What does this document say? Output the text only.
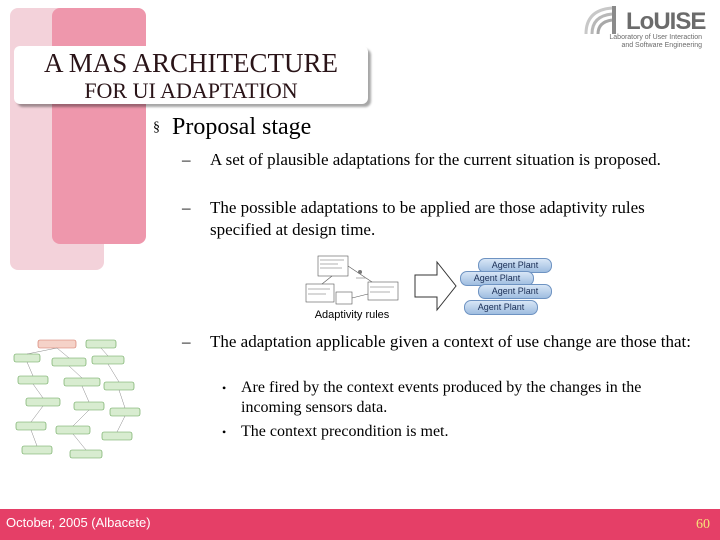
A MAS ARCHITECTURE
FOR UI ADAPTATION
LoUISE
Laboratory of User Interaction
and Software Engineering
§ Proposal stage
– A set of plausible adaptations for the current situation is proposed.
– The possible adaptations to be applied are those adaptivity rules specified at design time.
Adaptivity rules
Agent Plant
Agent Plant
Agent Plant
Agent Plant
– The adaptation applicable given a context of use change are those that:
• Are fired by the context events produced by the changes in the incoming sensors data.
• The context precondition is met.
October, 2005 (Albacete)	60
